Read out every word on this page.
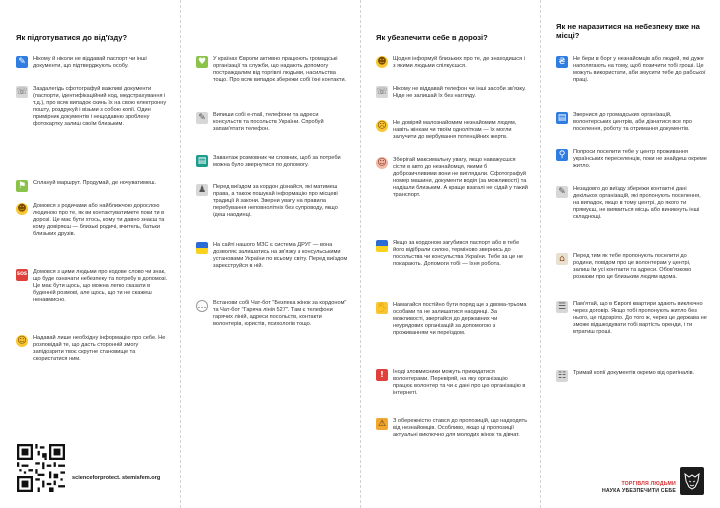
Як підготуватися до від'їзду?
✎	Нікому й ніколи не віддавай паспорт чи інші документи, що підтверджують особу.
☏ Заздалегідь сфотографуй важливі документи (паспорти, ідентифікаційний код, медстрахування і т.д.), про всяк випадок скинь їх на свою електронну пошту, роздрукуй і візьми з собою копії. Один примірник документів і нещодавню зроблену фотокартку залиш своїм близьким.
⚑	Сплануй маршрут. Продумай, де ночуватимеш.
☻ Домовся з родичами або найближчою дорослою людиною про те, як ви контактуватимете поки ти в дорозі. Це має бути хтось, кому ти давно знаєш та кому довіряєш — близькі родичі, вчитель, батьки близьких друзів.
SOS Домовся з цими людьми про кодове слово чи знак, що буде означати небезпеку та потребу в допомозі. Це має бути щось, що можна легко сказати в буденній розмові, але щось, що ти не скажеш ненавмисно.
☺ Надавай лише необхідну інформацію про себе. Не розповідай те, що дасть сторонній змогу запідозрити твоє скрутне становище та скористатися ним.
scienceforprotect. stemisfem.org
♥	У країнах Європи активно працюють громадські організації та служби, що надають допомогу постраждалим від торгівлі людьми, насильства тощо. Про всяк випадок збережи собі їхні контакти.
✎	Випиши собі e-mail, телефони та адреси консульств та посольств України. Спробуй запам'ятати телефон.
▤	Завантаж розмовник чи словник, щоб за потреби можна було звернутися по допомогу.
♟	Перед виїздом за кордон дізнайся, які матимеш права, а також пошукай інформацію про місцеві традиції й закони. Зверни увагу на правила перебування неповнолітніх без супроводу, якщо їдеш наодинці.
На сайті нашого МЗС є система ДРУГ — вона дозволяє залишатись на зв'язку з консульськими установами України по всьому світу. Перед виїздом зареєструйся в ній.
… Встанови собі Чат-бот "Безпека жінок за кордоном" та Чат-бот "Гаряча лінія 527". Там є телефони гарячих ліній, адреси посольств, контакти волонтерів, юристів, психологів тощо.
Як убезпечити себе в дорозі?
☻ Щодня інформуй близьких про те, де знаходишся і з якими людьми спілкуєшся.
☏ Нікому не віддавай телефон чи інші засоби зв'язку. Ніде не залишай їх без нагляду.
☹ Не довіряй малознайомим незнайомим людям, навіть жінкам чи твоїм одноліткам — їх могли залучити до вербування потенційних жертв.
☺ Зберігай максимальну увагу, якщо наважуєшся сісти в авто до незнайомця, якими б доброзичливими вони не виглядали. Сфотографуй номер машини, документи водія (за можливості) та надішли близьким. А краще взагалі не сідай у такий транспорт.
Якщо за кордоном загубився паспорт або в тебе його відібрали силою, терміново звернись до посольства чи консульства України. Тебе за це не покарають. Допомоги тобі — їхня робота.
✋ Намагайся постійно бути поряд ще з двома-трьома особами та не залишатися наодинці. За можливості, звертайся до державних чи неурядових організацій за допомогою з проживанням чи переїздом.
!	Іноді зловмисники можуть прикидатися волонтерами. Перевіряй, на яку організацію працює волонтер та чи є дані про цю організацію в інтернеті.
⚠	З обережністю стався до пропозицій, що надходять від незнайомців. Особливо, якщо ці пропозиції актуальні виключно для молодих жінок та дівчат.
Як не наразитися на небезпеку вже на місці?
₴	Не бери в борг у незнайомців або людей, які дуже наполягають на тому, щоб позичити тобі гроші. Це можуть використати, аби змусити тебе до рабської праці.
▤	Звернися до громадських організацій, волонтерських центрів, аби дізнатися все про поселення, роботу та отримання документів.
⚲	Попроси поселити тебе у центр проживання українських переселенців, поки не знайдеш окреме житло.
✎	Незадовго до виїзду збережи контактні дані декількох організацій, які пропонують поселення, на випадок, якщо в тому центрі, до якого ти прямуєш, не виявиться місць або виникнуть інші складнощі.
⌂	Перед тим як тебе пропонують поселити до родини, повідом про це волонтерам у центрі, залиш їм усі контакти та адреси. Обов'язково розкажи про це близьким людям вдома.
☰	Пам'ятай, що в Європі квартири здають виключно через договір. Якщо тобі пропонують житло без нього, це підозріло. До того ж, через це держава не зможе відшкодувати тобі вартість оренди, і ти втратиш гроші.
☷	Тримай копії документів окремо від оригіналів.
ТОРГІВЛЯ ЛЮДЬМИ
НАУКА УБЕЗПЕЧИТИ СЕБЕ
